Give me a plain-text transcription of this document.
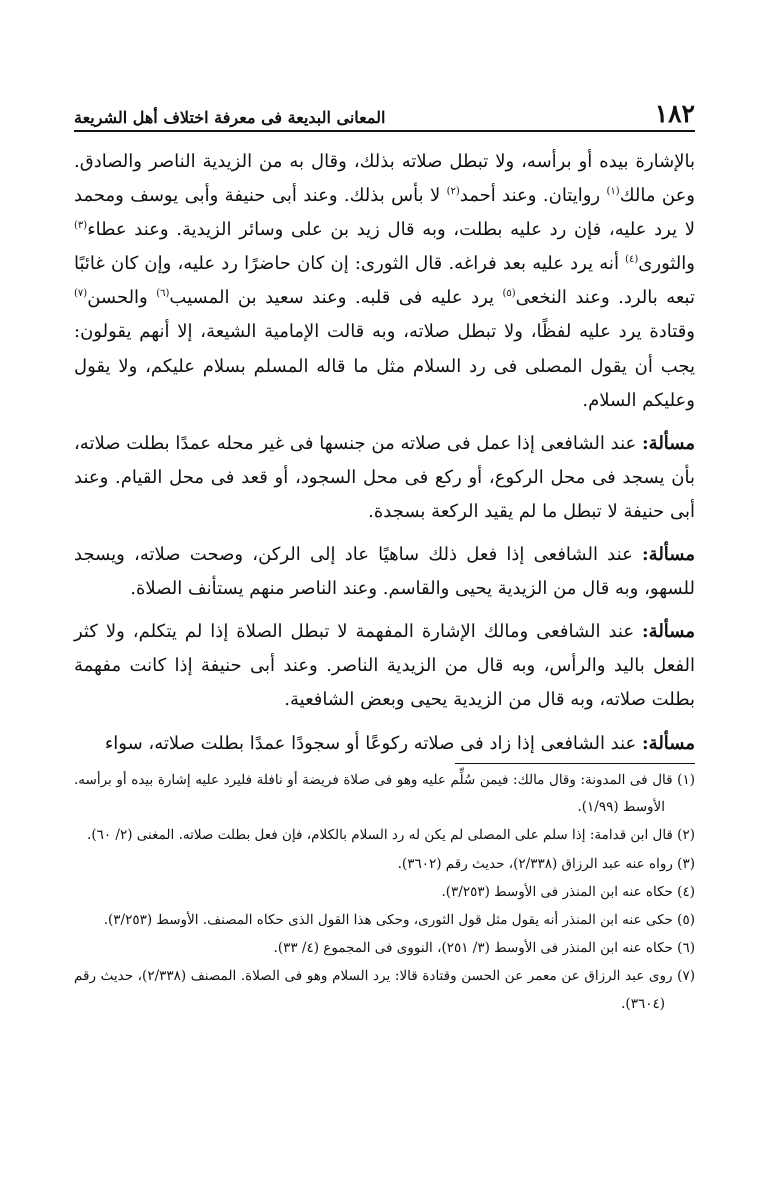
١٨٢
المعانى البديعة فى معرفة اختلاف أهل الشريعة

بالإشارة بيده أو برأسه، ولا تبطل صلاته بذلك، وقال به من الزيدية الناصر والصادق. وعن مالك$^{(١)}$ روايتان. وعند أحمد$^{(٢)}$ لا بأس بذلك. وعند أبى حنيفة وأبى يوسف ومحمد لا يرد عليه، فإن رد عليه بطلت، وبه قال زيد بن على وسائر الزيدية. وعند عطاء$^{(٣)}$ والثورى$^{(٤)}$ أنه يرد عليه بعد فراغه. قال الثورى: إن كان حاضرًا رد عليه، وإن كان غائبًا تبعه بالرد. وعند النخعى$^{(٥)}$ يرد عليه فى قلبه. وعند سعيد بن المسيب$^{(٦)}$ والحسن$^{(٧)}$ وقتادة يرد عليه لفظًا، ولا تبطل صلاته، وبه قالت الإمامية الشيعة، إلا أنهم يقولون: يجب أن يقول المصلى فى رد السلام مثل ما قاله المسلم بسلام عليكم، ولا يقول وعليكم السلام.

مسألة: عند الشافعى إذا عمل فى صلاته من جنسها فى غير محله عمدًا بطلت صلاته، بأن يسجد فى محل الركوع، أو ركع فى محل السجود، أو قعد فى محل القيام. وعند أبى حنيفة لا تبطل ما لم يقيد الركعة بسجدة.

مسألة: عند الشافعى إذا فعل ذلك ساهيًا عاد إلى الركن، وصحت صلاته، ويسجد للسهو، وبه قال من الزيدية يحيى والقاسم. وعند الناصر منهم يستأنف الصلاة.

مسألة: عند الشافعى ومالك الإشارة المفهمة لا تبطل الصلاة إذا لم يتكلم، ولا كثر الفعل باليد والرأس، وبه قال من الزيدية الناصر. وعند أبى حنيفة إذا كانت مفهمة بطلت صلاته، وبه قال من الزيدية يحيى وبعض الشافعية.

مسألة: عند الشافعى إذا زاد فى صلاته ركوعًا أو سجودًا عمدًا بطلت صلاته، سواء

(١) قال فى المدونة: وقال مالك: فيمن سُلِّم عليه وهو فى صلاة فريضة أو نافلة فليرد عليه إشارة بيده أو برأسه. الأوسط (١/٩٩).

(٢) قال ابن قدامة: إذا سلم على المصلى لم يكن له رد السلام بالكلام، فإن فعل بطلت صلاته. المغنى (٢/ ٦٠).

(٣) رواه عنه عبد الرزاق (٢/٣٣٨)، حديث رقم (٣٦٠٢).

(٤) حكاه عنه ابن المنذر فى الأوسط (٣/٢٥٣).

(٥) حكى عنه ابن المنذر أنه يقول مثل قول الثورى، وحكى هذا القول الذى حكاه المصنف. الأوسط (٣/٢٥٣).

(٦) حكاه عنه ابن المنذر فى الأوسط (٣/ ٢٥١)، النووى فى المجموع (٤/ ٣٣).

(٧) روى عبد الرزاق عن معمر عن الحسن وقتادة قالا: يرد السلام وهو فى الصلاة. المصنف (٢/٣٣٨)، حديث رقم (٣٦٠٤).
